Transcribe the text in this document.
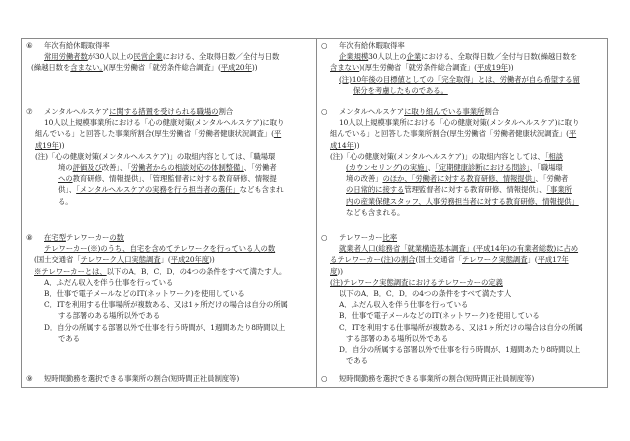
⑥ 年次有給休暇取得率
常用労働者数が30人以上の民営企業における、全取得日数／全付与日数
(繰越日数を含まない。)(厚生労働省「就労条件総合調査」(平成20年))
⑦ メンタルヘルスケアに関する措置を受けられる職場の割合
10人以上規模事業所における「心の健康対策(メンタルヘルスケア)に取り
組んでいる」と回答した事業所割合(厚生労働省「労働者健康状況調査」(平
成19年))
(注)「心の健康対策(メンタルヘルスケア)」の取組内容としては、「職場環
境の評価及び改善」、「労働者からの相談対応の体制整備」、「労働者
への教育研修、情報提供」、「管理監督者に対する教育研修、情報提
供」、「メンタルヘルスケアの実務を行う担当者の選任」なども含まれ
る。
⑧ 在宅型テレワーカーの数
テレワーカー(※)のうち、自宅を含めてテレワークを行っている人の数
(国土交通省「テレワーク人口実態調査」(平成20年度))
※テレワーカーとは、以下のA．B．C．D．の4つの条件をすべて満たす人。
A．ふだん収入を伴う仕事を行っている
B．仕事で電子メールなどのIT(ネットワーク)を使用している
C．ITを利用する仕事場所が複数ある、又は1ヶ所だけの場合は自分の所属
する部署のある場所以外である
D．自分の所属する部署以外で仕事を行う時間が、1週間あたり8時間以上
である
⑨ 短時間勤務を選択できる事業所の割合(短時間正社員制度等)
○ 年次有給休暇取得率
企業規模30人以上の企業における、全取得日数／全付与日数(繰越日数を
含まない)(厚生労働省「就労条件総合調査」(平成19年))
(注)10年後の目標値としての「完全取得」とは、労働者が自ら希望する留
保分を考慮したものである。
○ メンタルヘルスケアに取り組んでいる事業所割合
10人以上規模事業所における「心の健康対策(メンタルヘルスケア)に取り
組んでいる」と回答した事業所割合(厚生労働省「労働者健康状況調査」(平
成14年))
(注)「心の健康対策(メンタルヘルスケア)」の取組内容としては、「相談
(カウンセリング)の実施」、「定期健康診断における問診」、「職場環
境の改善」のほか、「労働者に対する教育研修、情報提供」、「労働者
の日常的に接する管理監督者に対する教育研修、情報提供」、「事業所
内の産業保健スタッフ、人事労務担当者に対する教育研修、情報提供」
なども含まれる。
○ テレワーカー比率
就業者人口(総務省「就業構造基本調査」(平成14年)の有業者総数)に占め
るテレワーカー(注)の割合(国土交通省「テレワーク実態調査」(平成17年
度))
(注)テレワーク実態調査におけるテレワーカーの定義
以下のA．B．C．D．の4つの条件をすべて満たす人
A．ふだん収入を伴う仕事を行っている
B．仕事で電子メールなどのIT(ネットワーク)を使用している
C．ITを利用する仕事場所が複数ある、又は1ヶ所だけの場合は自分の所属
する部署のある場所以外である
D．自分の所属する部署以外で仕事を行う時間が、1週間あたり8時間以上
である
○ 短時間勤務を選択できる事業所の割合(短時間正社員制度等)
